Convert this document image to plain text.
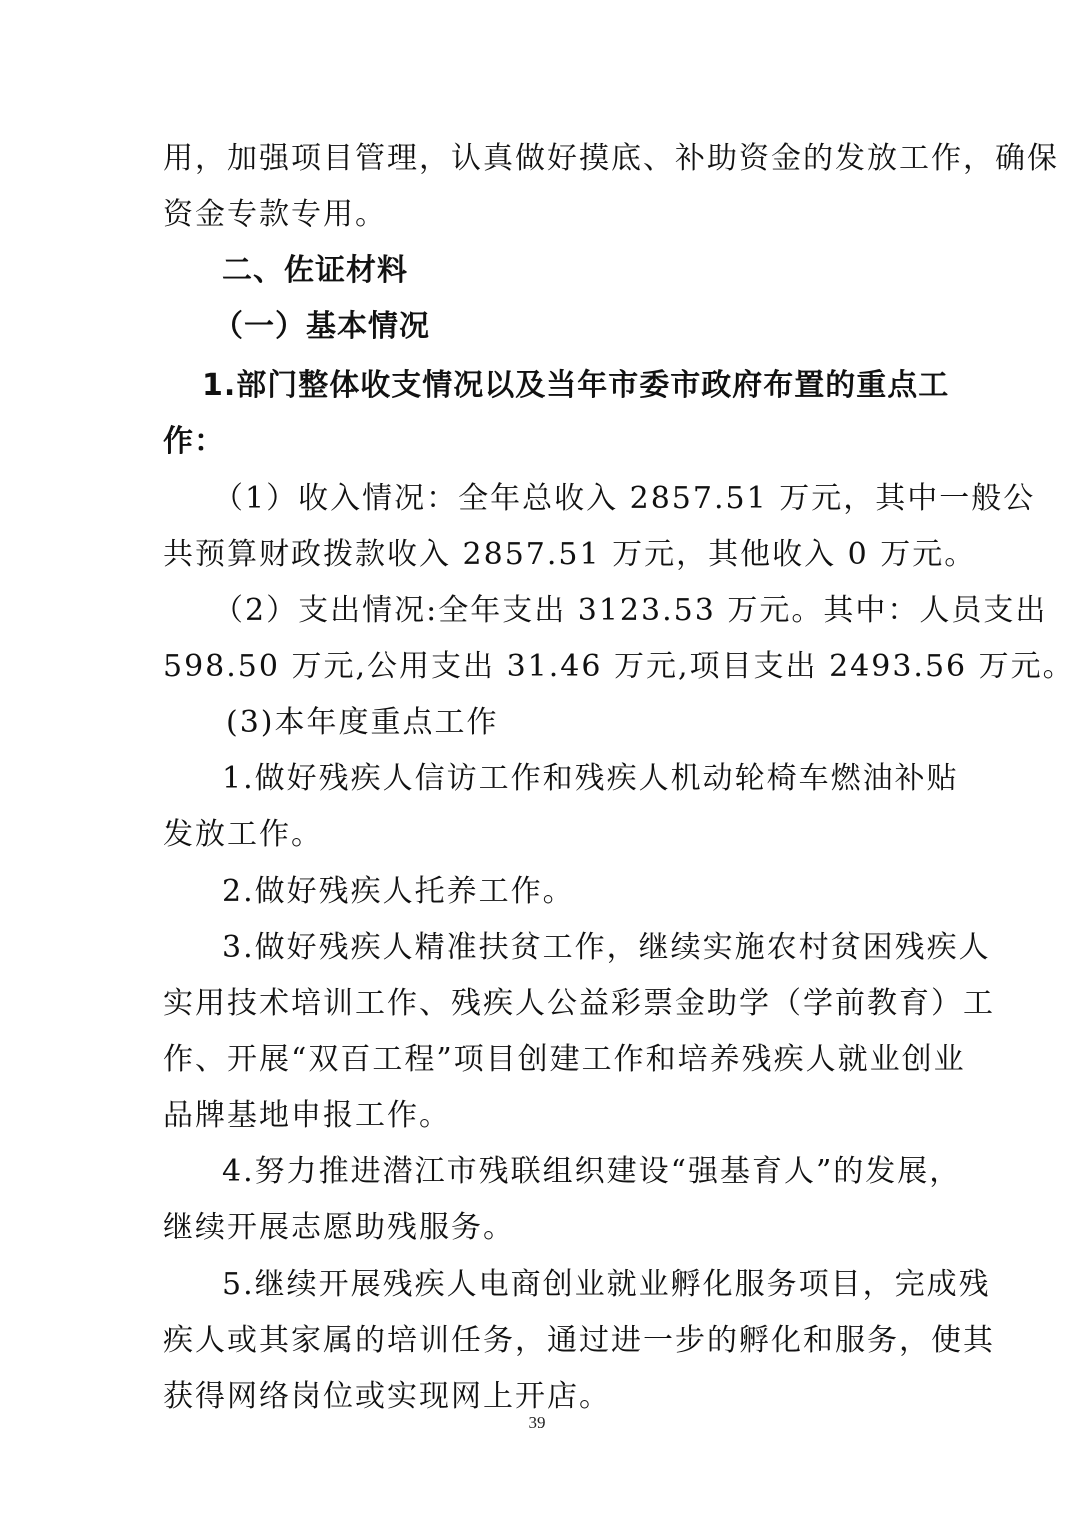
用，加强项目管理，认真做好摸底、补助资金的发放工作，确保
资金专款专用。
二、佐证材料
（一）基本情况
1.部门整体收支情况以及当年市委市政府布置的重点工
作：
（1）收入情况：全年总收入 2857.51 万元，其中一般公
共预算财政拨款收入 2857.51 万元，其他收入 0 万元。
（2）支出情况:全年支出 3123.53 万元。其中：人员支出
598.50 万元,公用支出 31.46 万元,项目支出 2493.56 万元。
(3)本年度重点工作
1.做好残疾人信访工作和残疾人机动轮椅车燃油补贴
发放工作。
2.做好残疾人托养工作。
3.做好残疾人精准扶贫工作，继续实施农村贫困残疾人
实用技术培训工作、残疾人公益彩票金助学（学前教育）工
作、开展“双百工程”项目创建工作和培养残疾人就业创业
品牌基地申报工作。
4.努力推进潜江市残联组织建设“强基育人”的发展，
继续开展志愿助残服务。
5.继续开展残疾人电商创业就业孵化服务项目，完成残
疾人或其家属的培训任务，通过进一步的孵化和服务，使其
获得网络岗位或实现网上开店。
39
